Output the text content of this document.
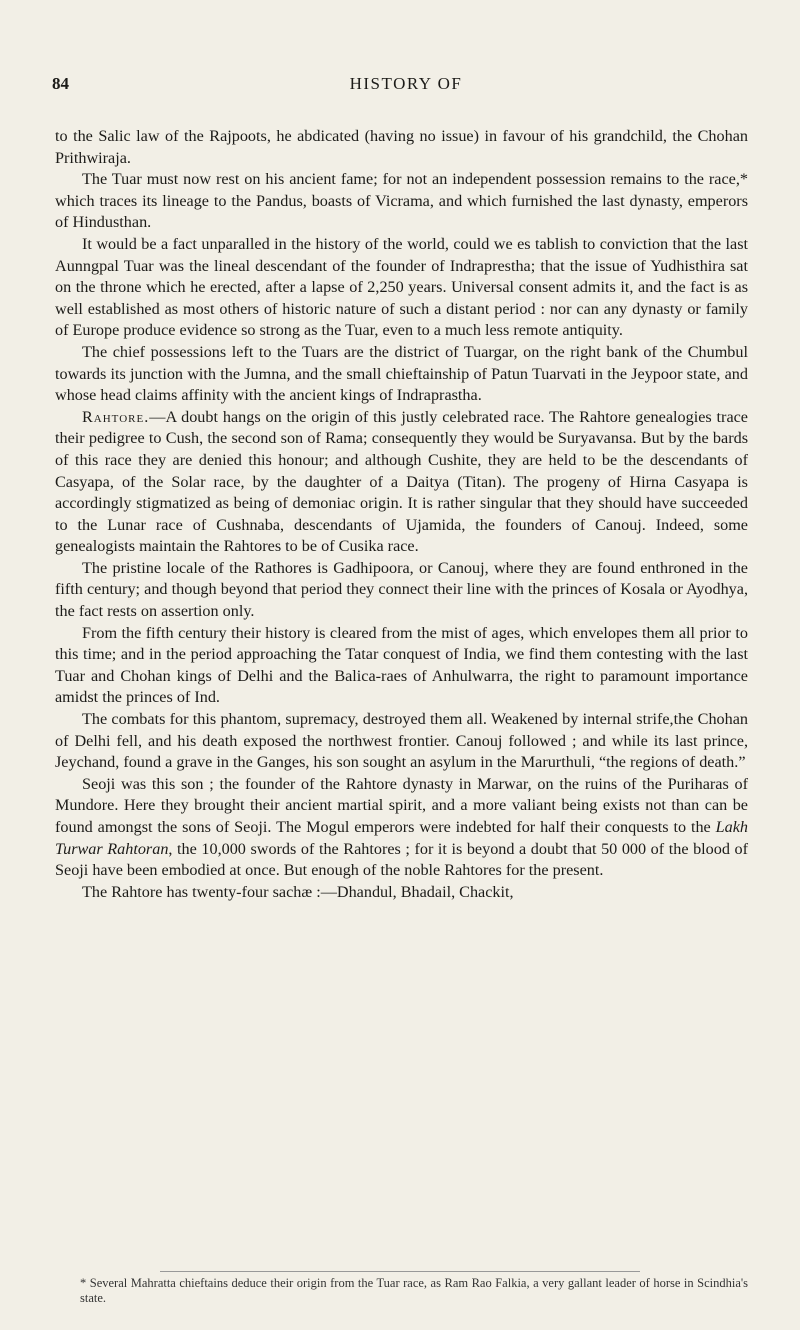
84	HISTORY OF

to the Salic law of the Rajpoots, he abdicated (having no issue) in favour of his grandchild, the Chohan Prithwiraja.

The Tuar must now rest on his ancient fame; for not an independent possession remains to the race,* which traces its lineage to the Pandus, boasts of Vicrama, and which furnished the last dynasty, emperors of Hindusthan.

It would be a fact unparalled in the history of the world, could we es tablish to conviction that the last Aunngpal Tuar was the lineal descendant of the founder of Indraprestha; that the issue of Yudhisthira sat on the throne which he erected, after a lapse of 2,250 years. Universal consent admits it, and the fact is as well established as most others of historic nature of such a distant period : nor can any dynasty or family of Europe produce evidence so strong as the Tuar, even to a much less remote antiquity.

The chief possessions left to the Tuars are the district of Tuargar, on the right bank of the Chumbul towards its junction with the Jumna, and the small chieftainship of Patun Tuarvati in the Jeypoor state, and whose head claims affinity with the ancient kings of Indraprastha.

Rahtore.—A doubt hangs on the origin of this justly celebrated race. The Rahtore genealogies trace their pedigree to Cush, the second son of Rama; consequently they would be Suryavansa. But by the bards of this race they are denied this honour; and although Cushite, they are held to be the descendants of Casyapa, of the Solar race, by the daughter of a Daitya (Titan). The progeny of Hirna Casyapa is accordingly stigmatized as being of demoniac origin. It is rather singular that they should have succeeded to the Lunar race of Cushnaba, descendants of Ujamida, the founders of Canouj. Indeed, some genealogists maintain the Rahtores to be of Cusika race.

The pristine locale of the Rathores is Gadhipoora, or Canouj, where they are found enthroned in the fifth century; and though beyond that period they connect their line with the princes of Kosala or Ayodhya, the fact rests on assertion only.

From the fifth century their history is cleared from the mist of ages, which envelopes them all prior to this time; and in the period approaching the Tatar conquest of India, we find them contesting with the last Tuar and Chohan kings of Delhi and the Balica-raes of Anhulwarra, the right to paramount importance amidst the princes of Ind.

The combats for this phantom, supremacy, destroyed them all. Weakened by internal strife,the Chohan of Delhi fell, and his death exposed the northwest frontier. Canouj followed ; and while its last prince, Jeychand, found a grave in the Ganges, his son sought an asylum in the Marurthuli, “the regions of death.”

Seoji was this son ; the founder of the Rahtore dynasty in Marwar, on the ruins of the Puriharas of Mundore. Here they brought their ancient martial spirit, and a more valiant being exists not than can be found amongst the sons of Seoji. The Mogul emperors were indebted for half their conquests to the Lakh Turwar Rahtoran, the 10,000 swords of the Rahtores ; for it is beyond a doubt that 50 000 of the blood of Seoji have been embodied at once. But enough of the noble Rahtores for the present.

The Rahtore has twenty-four sachæ :—Dhandul, Bhadail, Chackit,

* Several Mahratta chieftains deduce their origin from the Tuar race, as Ram Rao Falkia, a very gallant leader of horse in Scindhia's state.
